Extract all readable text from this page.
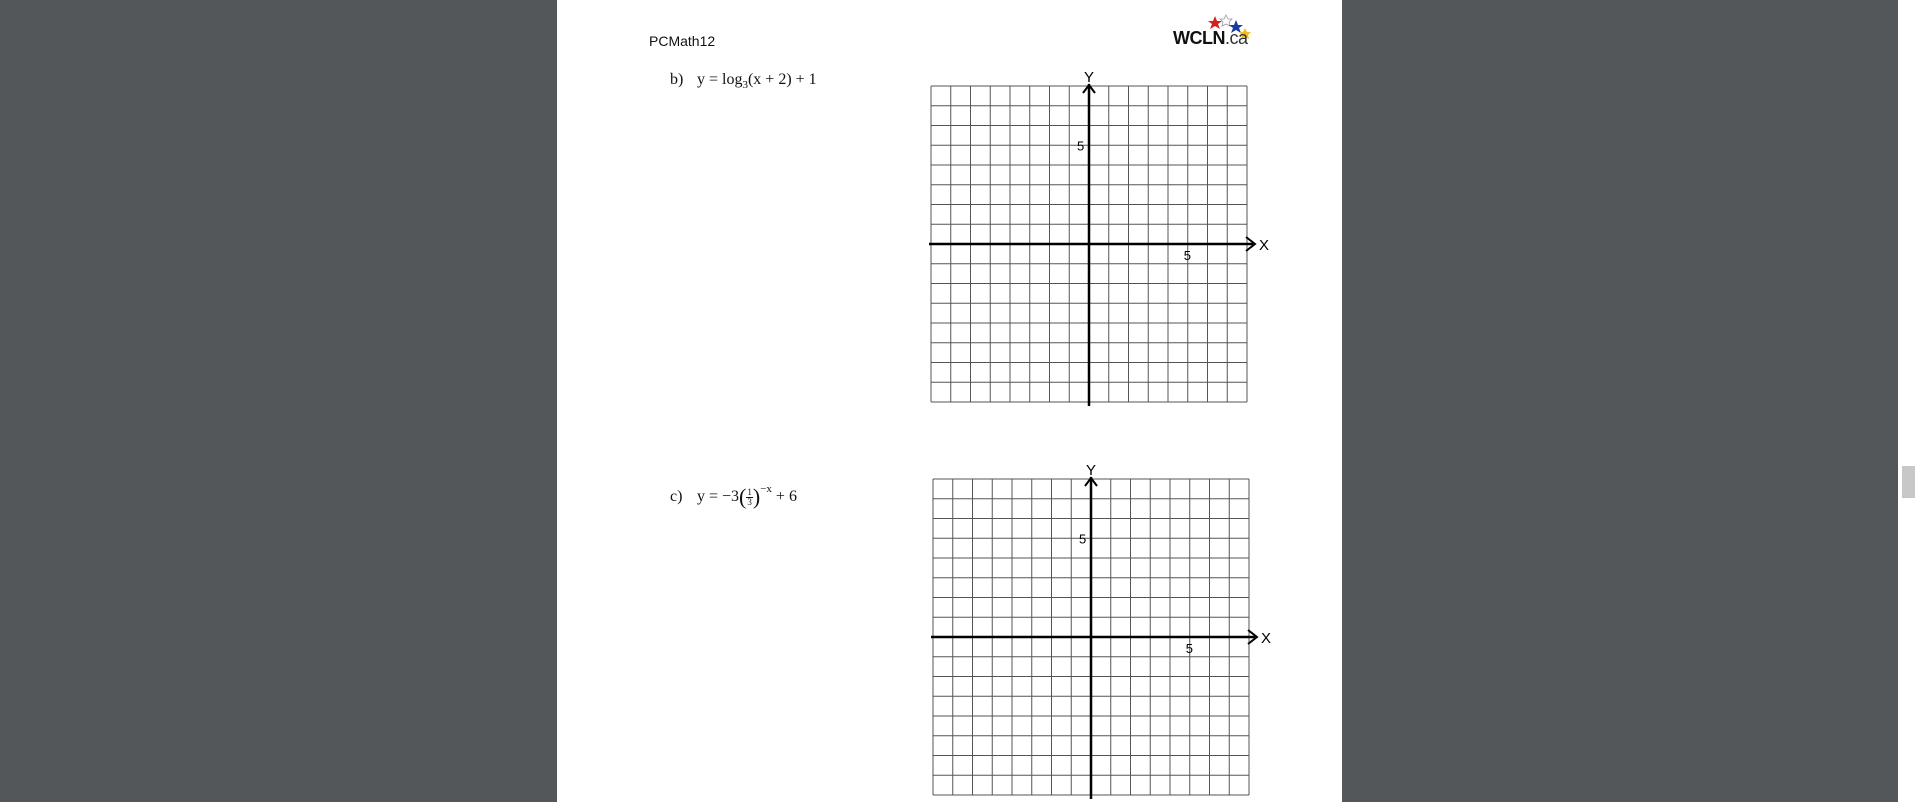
PCMath12	WCLN.ca
b) $y = \log_3(x + 2) + 1$
c) $y = -3( \frac{1}{3} )^{-x} + 6$
X
Y
5
5
X
Y
5
5
